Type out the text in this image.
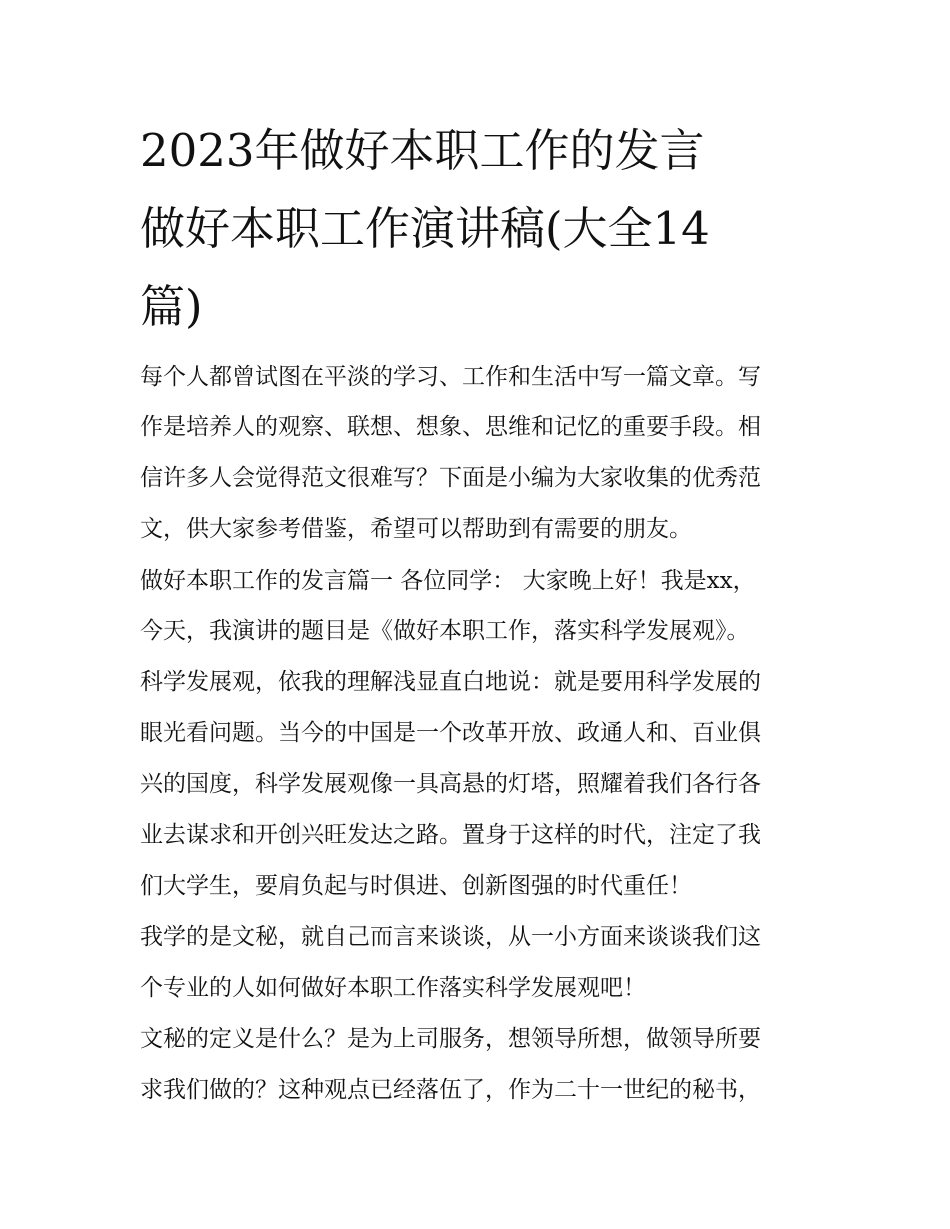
2023年做好本职工作的发言
做好本职工作演讲稿(大全14
篇)

每个人都曾试图在平淡的学习、工作和生活中写一篇文章。写

作是培养人的观察、联想、想象、思维和记忆的重要手段。相

信许多人会觉得范文很难写？下面是小编为大家收集的优秀范

文，供大家参考借鉴，希望可以帮助到有需要的朋友。

做好本职工作的发言篇一 各位同学： 大家晚上好！我是xx，

今天，我演讲的题目是《做好本职工作，落实科学发展观》。

科学发展观，依我的理解浅显直白地说：就是要用科学发展的

眼光看问题。当今的中国是一个改革开放、政通人和、百业俱

兴的国度，科学发展观像一具高悬的灯塔，照耀着我们各行各

业去谋求和开创兴旺发达之路。置身于这样的时代，注定了我

们大学生，要肩负起与时俱进、创新图强的时代重任！

我学的是文秘，就自己而言来谈谈，从一小方面来谈谈我们这

个专业的人如何做好本职工作落实科学发展观吧！

文秘的定义是什么？是为上司服务，想领导所想，做领导所要

求我们做的？这种观点已经落伍了，作为二十一世纪的秘书，
